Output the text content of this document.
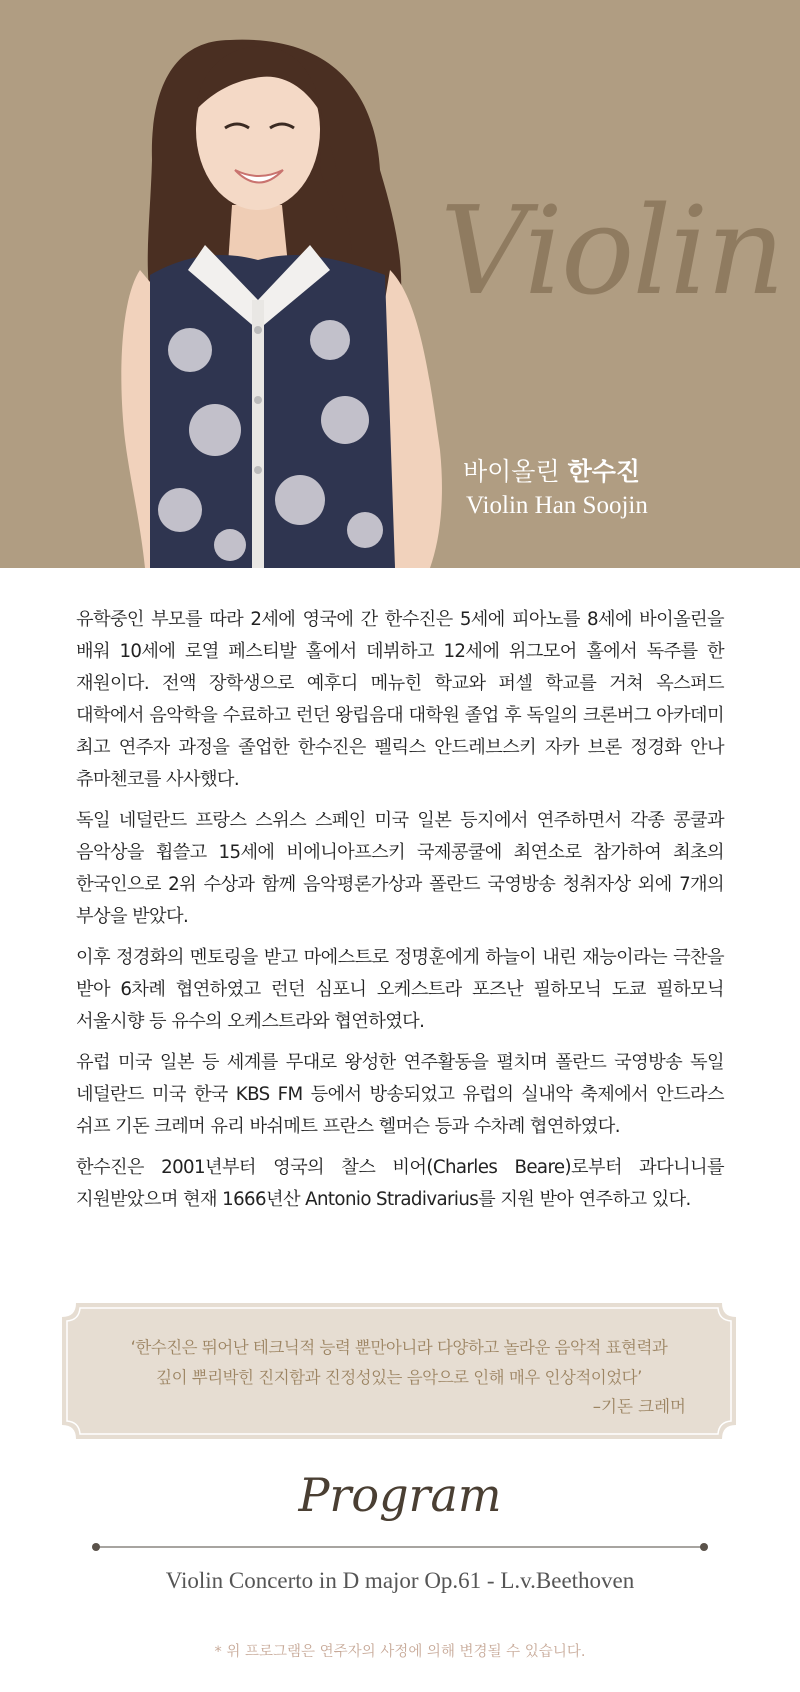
Violin
바이올린 한수진
Violin Han Soojin

유학중인 부모를 따라 2세에 영국에 간 한수진은 5세에 피아노를 8세에 바이올린을 배워 10세에 로열 페스티발 홀에서 데뷔하고 12세에 위그모어 홀에서 독주를 한 재원이다. 전액 장학생으로 예후디 메뉴힌 학교와 퍼셀 학교를 거쳐 옥스퍼드 대학에서 음악학을 수료하고 런던 왕립음대 대학원 졸업 후 독일의 크론버그 아카데미 최고 연주자 과정을 졸업한 한수진은 펠릭스 안드레브스키 자카 브론 정경화 안나 츄마첸코를 사사했다.

독일 네덜란드 프랑스 스위스 스페인 미국 일본 등지에서 연주하면서 각종 콩쿨과 음악상을 휩쓸고 15세에 비에니아프스키 국제콩쿨에 최연소로 참가하여 최초의 한국인으로 2위 수상과 함께 음악평론가상과 폴란드 국영방송 청취자상 외에 7개의 부상을 받았다.

이후 정경화의 멘토링을 받고 마에스트로 정명훈에게 하늘이 내린 재능이라는 극찬을 받아 6차례 협연하였고 런던 심포니 오케스트라 포즈난 필하모닉 도쿄 필하모닉 서울시향 등 유수의 오케스트라와 협연하였다.

유럽 미국 일본 등 세계를 무대로 왕성한 연주활동을 펼치며 폴란드 국영방송 독일 네덜란드 미국 한국 KBS FM 등에서 방송되었고 유럽의 실내악 축제에서 안드라스 쉬프 기돈 크레머 유리 바쉬메트 프란스 헬머슨 등과 수차례 협연하였다.

한수진은 2001년부터 영국의 찰스 비어(Charles Beare)로부터 과다니니를 지원받았으며 현재 1666년산 Antonio Stradivarius를 지원 받아 연주하고 있다.

‘한수진은 뛰어난 테크닉적 능력 뿐만아니라 다양하고 놀라운 음악적 표현력과
깊이 뿌리박힌 진지함과 진정성있는 음악으로 인해 매우 인상적이었다’
–기돈 크레머
Program
Violin Concerto in D major Op.61 - L.v.Beethoven
* 위 프로그램은 연주자의 사정에 의해 변경될 수 있습니다.
